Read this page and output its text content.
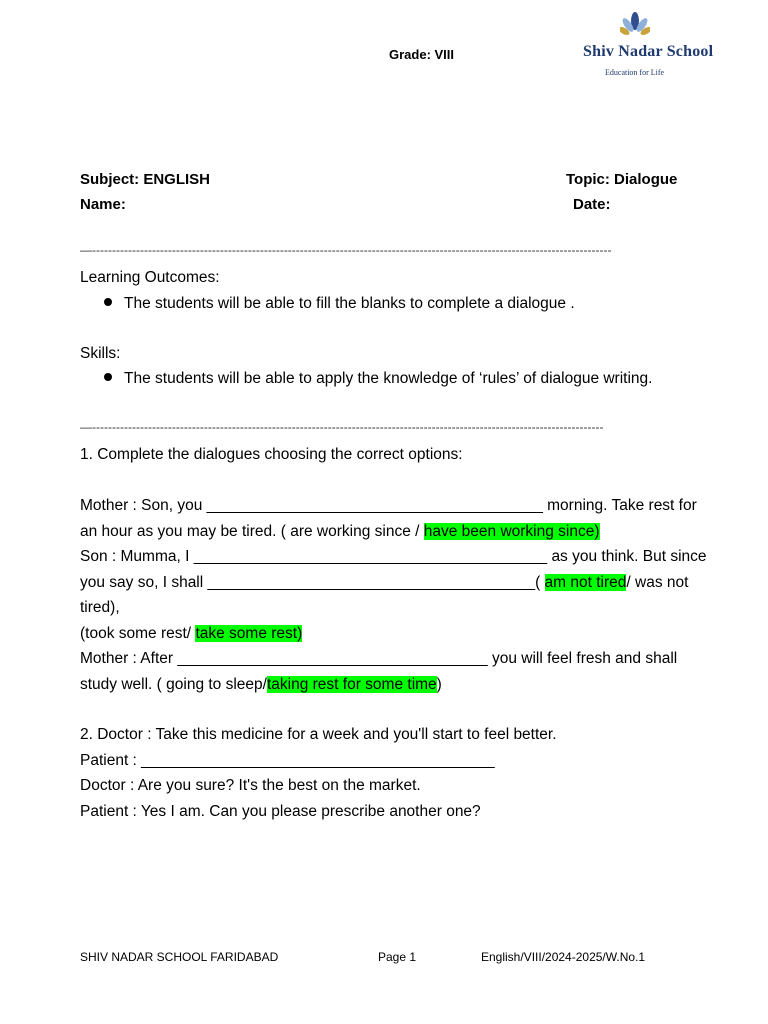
Grade: VIII	Shiv Nadar School
Education for Life
Subject: ENGLISH	Topic: Dialogue
Name:	Date:
—----------------------------------------------------------------------------------------------------------------------------------
Learning Outcomes:
The students will be able to fill the blanks to complete a dialogue .
Skills:
The students will be able to apply the knowledge of ‘rules’ of dialogue writing.
—--------------------------------------------------------------------------------------------------------------------------------
1. Complete the dialogues choosing the correct options:
Mother : Son, you _______________________________________ morning. Take rest for
an hour as you may be tired. ( are working since / have been working since)
Son : Mumma, I _________________________________________ as you think. But since
you say so, I shall ______________________________________( am not tired/ was not
tired),
(took some rest/ take some rest)
Mother : After ____________________________________ you will feel fresh and shall
study well. ( going to sleep/taking rest for some time)
2. Doctor : Take this medicine for a week and you'll start to feel better.
Patient : _________________________________________
Doctor : Are you sure? It's the best on the market.
Patient : Yes I am. Can you please prescribe another one?
SHIV NADAR SCHOOL FARIDABAD	Page 1	English/VIII/2024-2025/W.No.1
